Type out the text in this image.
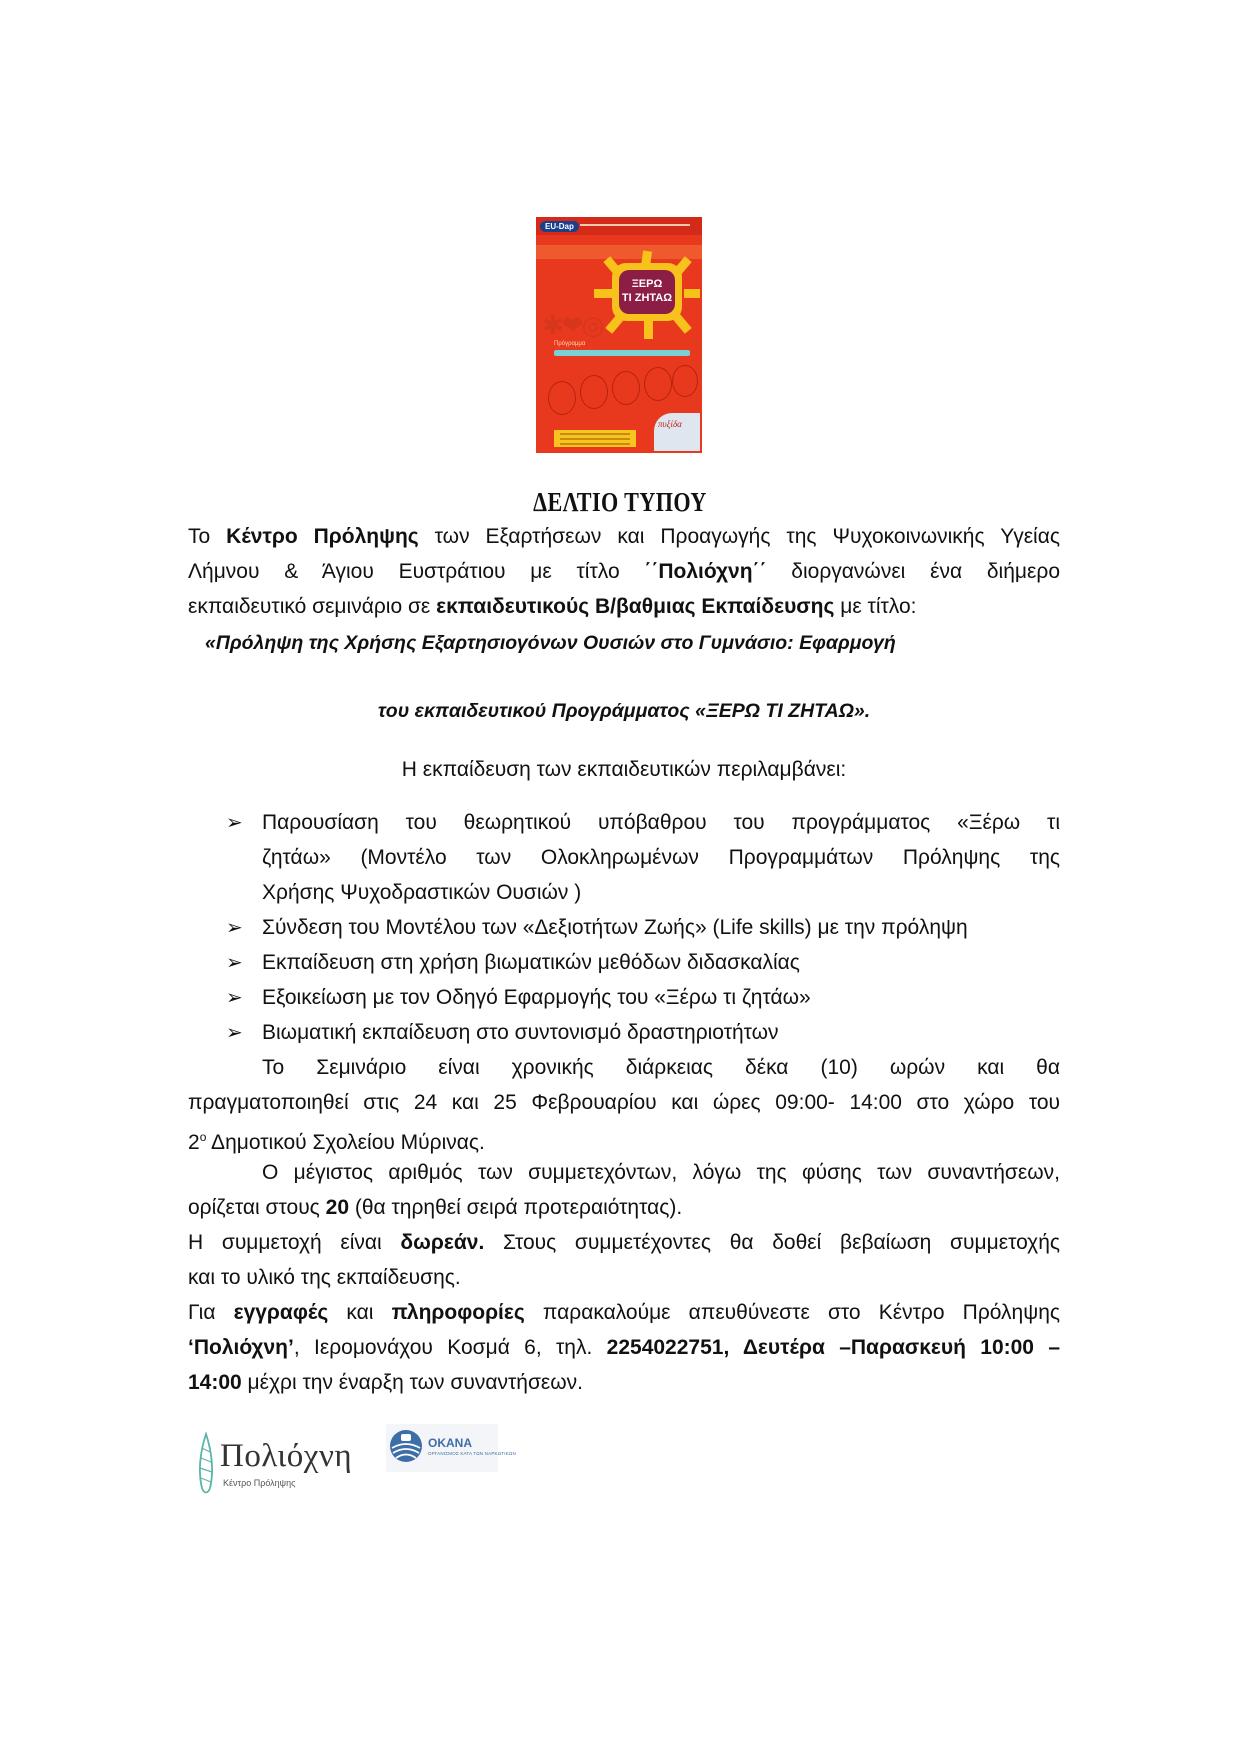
EU-Dap
ΞΕΡΩ
ΤΙ ΖΗΤΑΩ
✱❤◎
Πρόγραμμα
πυξίδα
ΔΕΛΤΙΟ ΤΥΠΟΥ
Το Κέντρο Πρόληψης των Εξαρτήσεων και Προαγωγής της Ψυχοκοινωνικής Υγείας
Λήμνου & Άγιου Ευστράτιου με τίτλο ΄΄Πολιόχνη΄΄ διοργανώνει ένα διήμερο
εκπαιδευτικό σεμινάριο σε εκπαιδευτικούς Β/βαθμιας Εκπαίδευσης με τίτλο:
«Πρόληψη της Χρήσης Εξαρτησιογόνων Ουσιών στο Γυμνάσιο: Εφαρμογή
του εκπαιδευτικού Προγράμματος «ΞΕΡΩ ΤΙ ΖΗΤΑΩ».
Η εκπαίδευση των εκπαιδευτικών περιλαμβάνει:
➢ Παρουσίαση του θεωρητικού υπόβαθρου του προγράμματος «Ξέρω τι
ζητάω» (Μοντέλο των Ολοκληρωμένων Προγραμμάτων Πρόληψης της
Χρήσης Ψυχοδραστικών Ουσιών )
➢ Σύνδεση του Μοντέλου των «Δεξιοτήτων Ζωής» (Life skills) με την πρόληψη
➢ Εκπαίδευση στη χρήση βιωματικών μεθόδων διδασκαλίας
➢ Εξοικείωση με τον Οδηγό Εφαρμογής του «Ξέρω τι ζητάω»
➢ Βιωματική εκπαίδευση στο συντονισμό δραστηριοτήτων
Το Σεμινάριο είναι χρονικής διάρκειας δέκα (10) ωρών και θα
πραγματοποιηθεί στις 24 και 25 Φεβρουαρίου και ώρες 09:00- 14:00 στο χώρο του
$2^o$ Δημοτικού Σχολείου Μύρινας.
Ο μέγιστος αριθμός των συμμετεχόντων, λόγω της φύσης των συναντήσεων,
ορίζεται στους 20 (θα τηρηθεί σειρά προτεραιότητας).
Η συμμετοχή είναι δωρεάν. Στους συμμετέχοντες θα δοθεί βεβαίωση συμμετοχής
και το υλικό της εκπαίδευσης.
Για εγγραφές και πληροφορίες παρακαλούμε απευθύνεστε στο Κέντρο Πρόληψης
‘Πολιόχνη’, Ιερομονάχου Κοσμά 6, τηλ. 2254022751, Δευτέρα –Παρασκευή 10:00 –
14:00 μέχρι την έναρξη των συναντήσεων.
Πολιόχνη
Κέντρο Πρόληψης
OKANA
ΟΡΓΑΝΙΣΜΟΣ ΚΑΤΑ ΤΩΝ ΝΑΡΚΩΤΙΚΩΝ
